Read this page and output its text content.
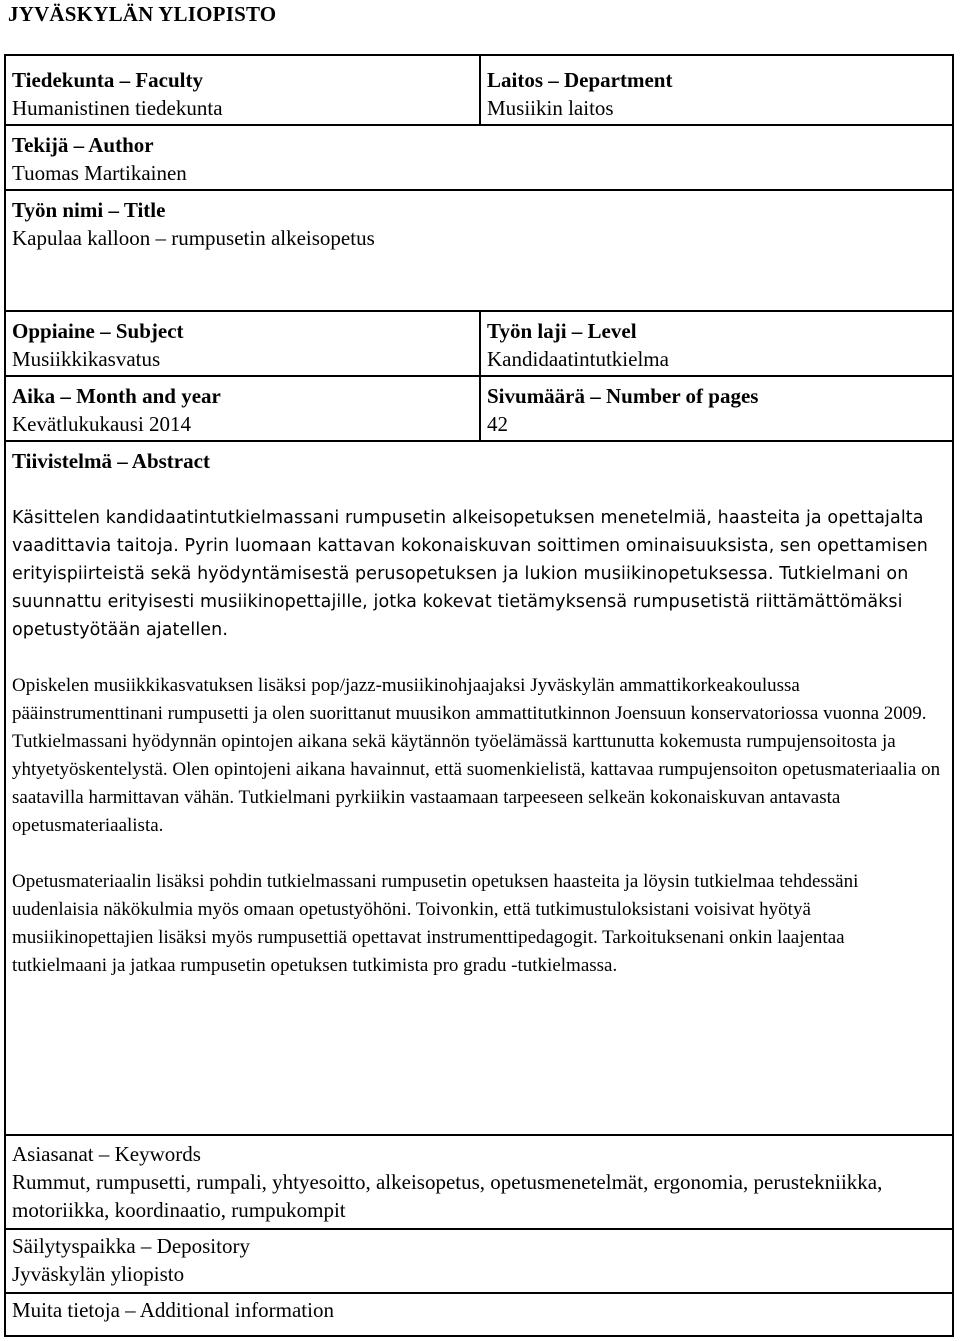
JYVÄSKYLÄN YLIOPISTO
Tiedekunta – Faculty
Humanistinen tiedekunta
Laitos – Department
Musiikin laitos
Tekijä – Author
Tuomas Martikainen
Työn nimi – Title
Kapulaa kalloon – rumpusetin alkeisopetus
Oppiaine – Subject
Musiikkikasvatus
Työn laji – Level
Kandidaatintutkielma
Aika – Month and year
Kevätlukukausi 2014
Sivumäärä – Number of pages
42
Tiivistelmä – Abstract

Käsittelen kandidaatintutkielmassani rumpusetin alkeisopetuksen menetelmiä, haasteita ja opettajalta vaadittavia taitoja. Pyrin luomaan kattavan kokonaiskuvan soittimen ominaisuuksista, sen opettamisen erityispiirteistä sekä hyödyntämisestä perusopetuksen ja lukion musiikinopetuksessa. Tutkielmani on suunnattu erityisesti musiikinopettajille, jotka kokevat tietämyksensä rumpusetistä riittämättömäksi opetustyötään ajatellen.

Opiskelen musiikkikasvatuksen lisäksi pop/jazz-musiikinohjaajaksi Jyväskylän ammattikorkeakoulussa pääinstrumenttinani rumpusetti ja olen suorittanut muusikon ammattitutkinnon Joensuun konservatoriossa vuonna 2009. Tutkielmassani hyödynnän opintojen aikana sekä käytännön työelämässä karttunutta kokemusta rumpujensoitosta ja yhtyetyöskentelystä. Olen opintojeni aikana havainnut, että suomenkielistä, kattavaa rumpujensoiton opetusmateriaalia on saatavilla harmittavan vähän. Tutkielmani pyrkiikin vastaamaan tarpeeseen selkeän kokonaiskuvan antavasta opetusmateriaalista.

Opetusmateriaalin lisäksi pohdin tutkielmassani rumpusetin opetuksen haasteita ja löysin tutkielmaa tehdessäni uudenlaisia näkökulmia myös omaan opetustyöhöni. Toivonkin, että tutkimustuloksistani voisivat hyötyä musiikinopettajien lisäksi myös rumpusettiä opettavat instrumenttipedagogit. Tarkoituksenani onkin laajentaa tutkielmaani ja jatkaa rumpusetin opetuksen tutkimista pro gradu -tutkielmassa.

Asiasanat – Keywords
Rummut, rumpusetti, rumpali, yhtyesoitto, alkeisopetus, opetusmenetelmät, ergonomia, perustekniikka, motoriikka, koordinaatio, rumpukompit
Säilytyspaikka – Depository
Jyväskylän yliopisto
Muita tietoja – Additional information
